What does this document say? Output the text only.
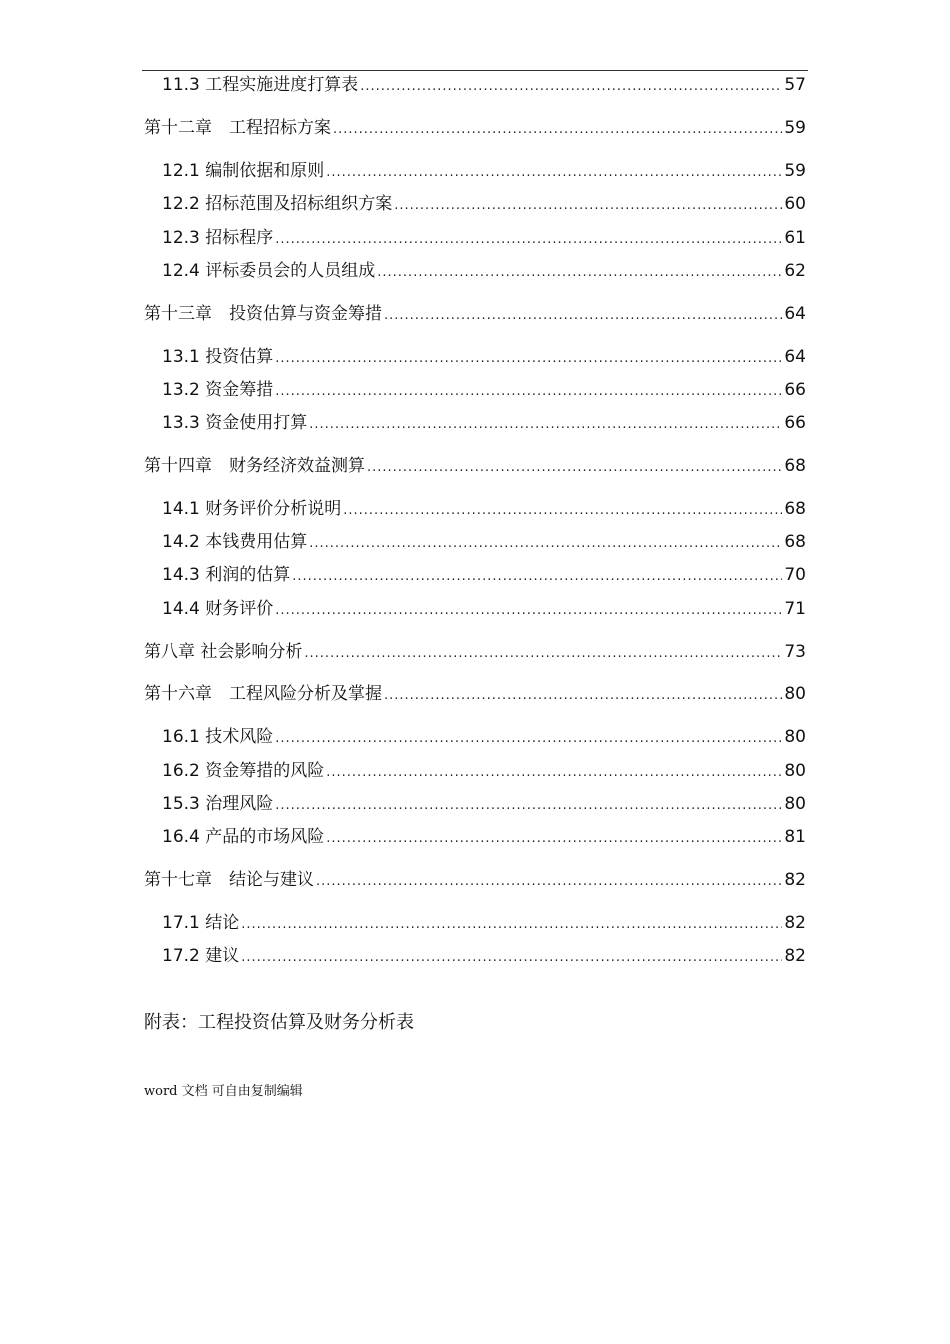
11.3 工程实施进度打算表 .....	57
第十二章　工程招标方案 .....	59
12.1 编制依据和原则 .....	59
12.2 招标范围及招标组织方案 .....	60
12.3 招标程序 .....	61
12.4 评标委员会的人员组成 .....	62
第十三章　投资估算与资金筹措 .....	64
13.1 投资估算 .....	64
13.2 资金筹措 .....	66
13.3 资金使用打算 .....	66
第十四章　财务经济效益测算 .....	68
14.1 财务评价分析说明 .....	68
14.2 本钱费用估算 .....	68
14.3 利润的估算 .....	70
14.4 财务评价 .....	71
第八章 社会影响分析 .....	73
第十六章　工程风险分析及掌握 .....	80
16.1 技术风险 .....	80
16.2 资金筹措的风险 .....	80
15.3 治理风险 .....	80
16.4 产品的市场风险 .....	81
第十七章　结论与建议 .....	82
17.1 结论 .....	82
17.2 建议 .....	82
附表：工程投资估算及财务分析表
word 文档 可自由复制编辑
